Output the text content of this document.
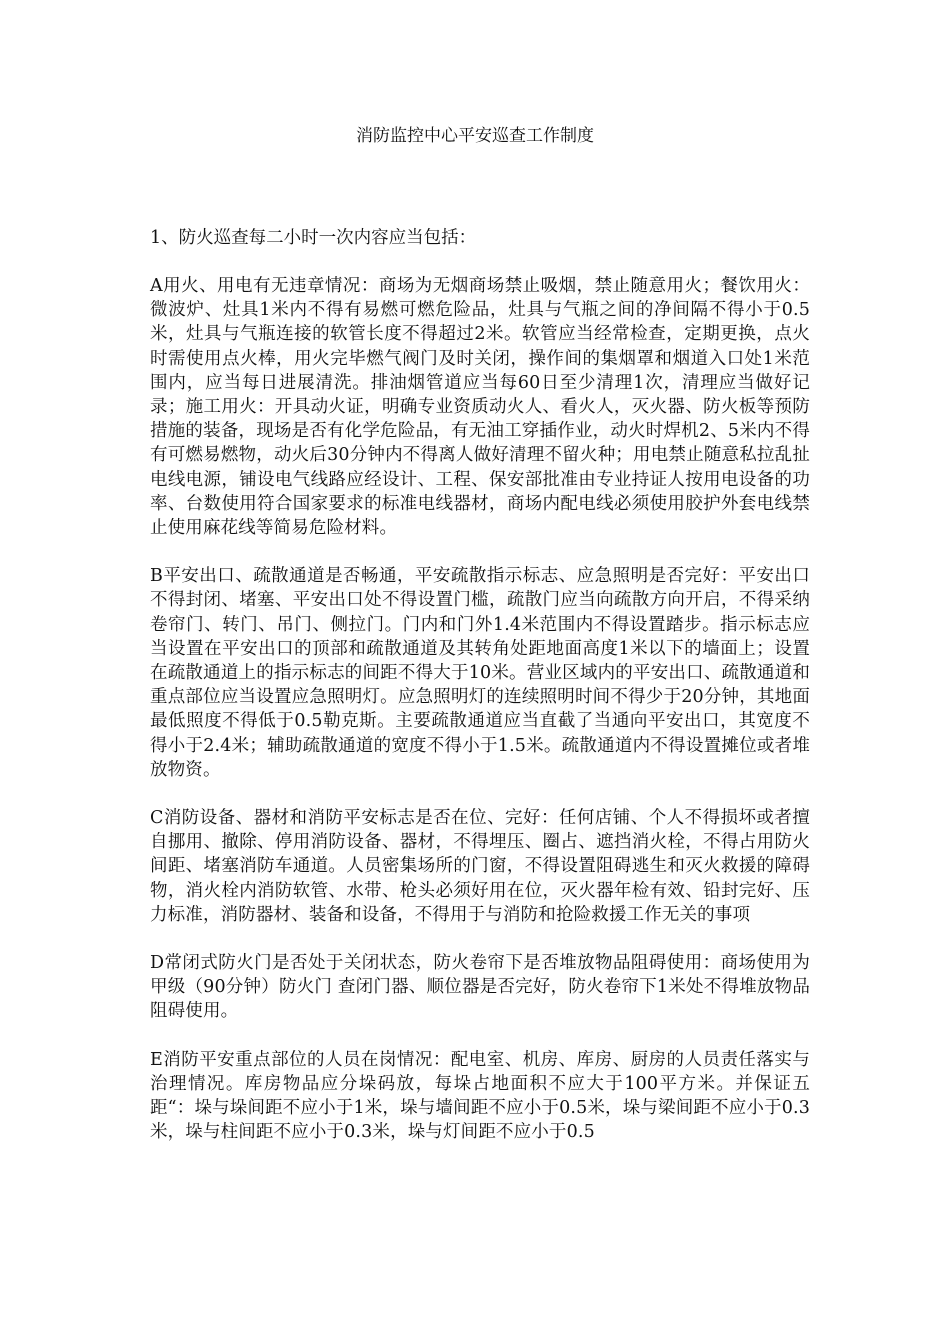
消防监控中心平安巡查工作制度

1、防火巡查每二小时一次内容应当包括：

A用火、用电有无违章情况：商场为无烟商场禁止吸烟，禁止随意用火；餐饮用火：微波炉、灶具1米内不得有易燃可燃危险品，灶具与气瓶之间的净间隔不得小于0.5米，灶具与气瓶连接的软管长度不得超过2米。软管应当经常检查，定期更换，点火时需使用点火棒，用火完毕燃气阀门及时关闭，操作间的集烟罩和烟道入口处1米范围内，应当每日进展清洗。排油烟管道应当每60日至少清理1次，清理应当做好记录；施工用火：开具动火证，明确专业资质动火人、看火人，灭火器、防火板等预防措施的装备，现场是否有化学危险品，有无油工穿插作业，动火时焊机2、5米内不得有可燃易燃物，动火后30分钟内不得离人做好清理不留火种；用电禁止随意私拉乱扯电线电源，铺设电气线路应经设计、工程、保安部批准由专业持证人按用电设备的功率、台数使用符合国家要求的标准电线器材，商场内配电线必须使用胶护外套电线禁止使用麻花线等简易危险材料。

B平安出口、疏散通道是否畅通，平安疏散指示标志、应急照明是否完好：平安出口不得封闭、堵塞、平安出口处不得设置门槛，疏散门应当向疏散方向开启，不得采纳卷帘门、转门、吊门、侧拉门。门内和门外1.4米范围内不得设置踏步。指示标志应当设置在平安出口的顶部和疏散通道及其转角处距地面高度1米以下的墙面上；设置在疏散通道上的指示标志的间距不得大于10米。营业区域内的平安出口、疏散通道和重点部位应当设置应急照明灯。应急照明灯的连续照明时间不得少于20分钟，其地面最低照度不得低于0.5勒克斯。主要疏散通道应当直截了当通向平安出口，其宽度不得小于2.4米；辅助疏散通道的宽度不得小于1.5米。疏散通道内不得设置摊位或者堆放物资。

C消防设备、器材和消防平安标志是否在位、完好：任何店铺、个人不得损坏或者擅自挪用、撤除、停用消防设备、器材，不得埋压、圈占、遮挡消火栓，不得占用防火间距、堵塞消防车通道。人员密集场所的门窗，不得设置阻碍逃生和灭火救援的障碍物，消火栓内消防软管、水带、枪头必须好用在位，灭火器年检有效、铅封完好、压力标准，消防器材、装备和设备，不得用于与消防和抢险救援工作无关的事项

D常闭式防火门是否处于关闭状态，防火卷帘下是否堆放物品阻碍使用：商场使用为甲级（90分钟）防火门 查闭门器、顺位器是否完好，防火卷帘下1米处不得堆放物品阻碍使用。

E消防平安重点部位的人员在岗情况：配电室、机房、库房、厨房的人员责任落实与治理情况。库房物品应分垛码放，每垛占地面积不应大于100平方米。并保证五距“：垛与垛间距不应小于1米，垛与墙间距不应小于0.5米，垛与梁间距不应小于0.3米，垛与柱间距不应小于0.3米，垛与灯间距不应小于0.5
